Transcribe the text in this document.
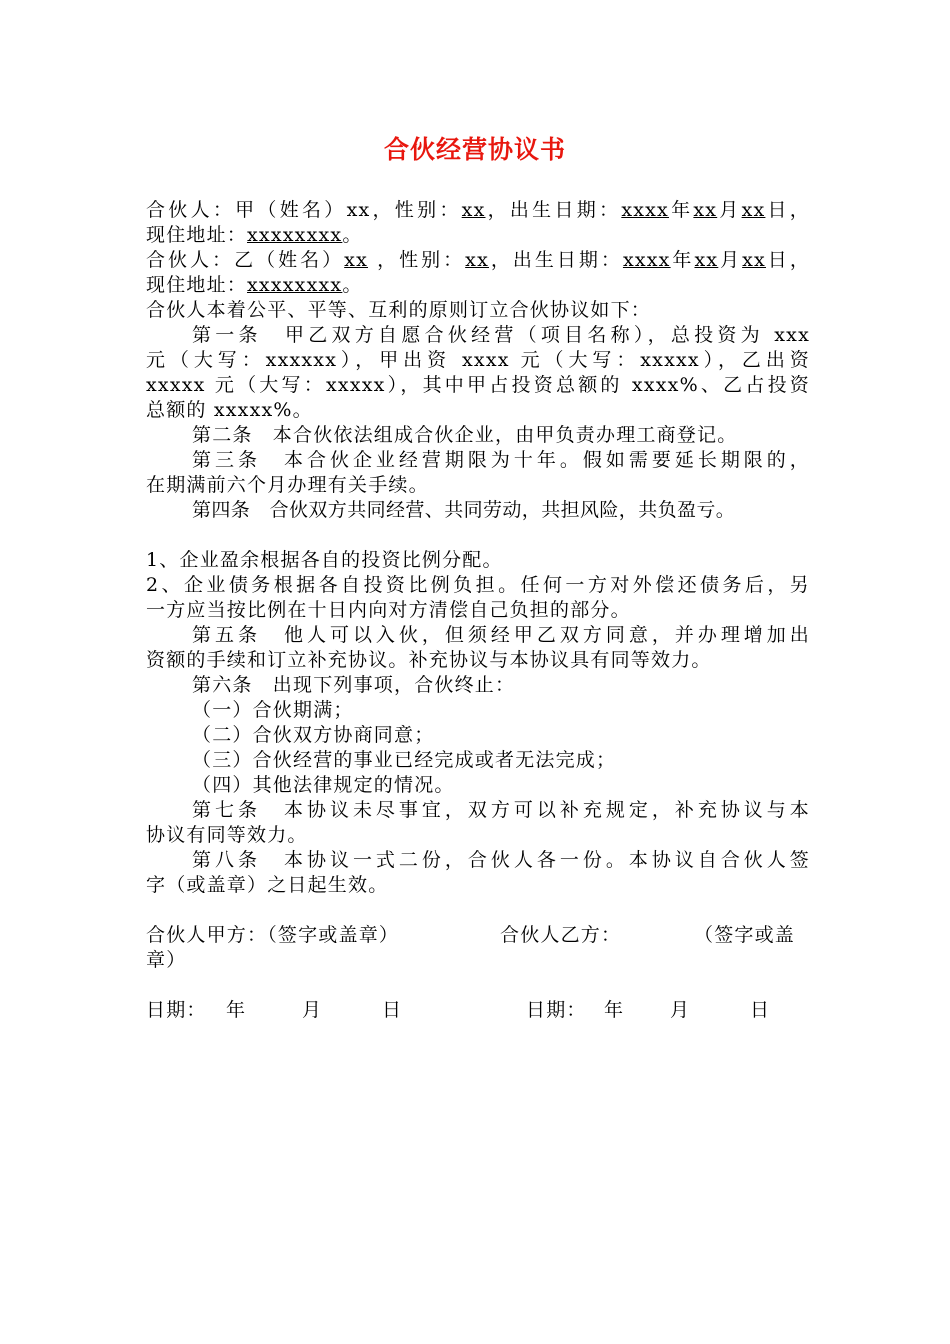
合伙经营协议书
合伙人：甲（姓名）xx，性别：xx，出生日期：xxxx年xx月xx日，
现住地址：xxxxxxxx。
合伙人：乙（姓名）xx ，性别：xx，出生日期：xxxx年xx月xx日，
现住地址：xxxxxxxx。
合伙人本着公平、平等、互利的原则订立合伙协议如下：
第一条　甲乙双方自愿合伙经营（项目名称），总投资为 xxx
元（大写：xxxxxx），甲出资 xxxx 元（大写：xxxxx），乙出资
xxxxx 元（大写：xxxxx），其中甲占投资总额的 xxxx%、乙占投资
总额的 xxxxx%。
第二条　本合伙依法组成合伙企业，由甲负责办理工商登记。
第三条　本合伙企业经营期限为十年。假如需要延长期限的，
在期满前六个月办理有关手续。
第四条　合伙双方共同经营、共同劳动，共担风险，共负盈亏。
1、企业盈余根据各自的投资比例分配。
2、企业债务根据各自投资比例负担。任何一方对外偿还债务后，另
一方应当按比例在十日内向对方清偿自己负担的部分。
第五条　他人可以入伙，但须经甲乙双方同意，并办理增加出
资额的手续和订立补充协议。补充协议与本协议具有同等效力。
第六条　出现下列事项，合伙终止：
（一）合伙期满；
（二）合伙双方协商同意；
（三）合伙经营的事业已经完成或者无法完成；
（四）其他法律规定的情况。
第七条　本协议未尽事宜，双方可以补充规定，补充协议与本
协议有同等效力。
第八条　本协议一式二份，合伙人各一份。本协议自合伙人签
字（或盖章）之日起生效。
合伙人甲方：（签字或盖章）	合伙人乙方：	（签字或盖
章）
日期： 年	月	日	日期： 年 月	日
